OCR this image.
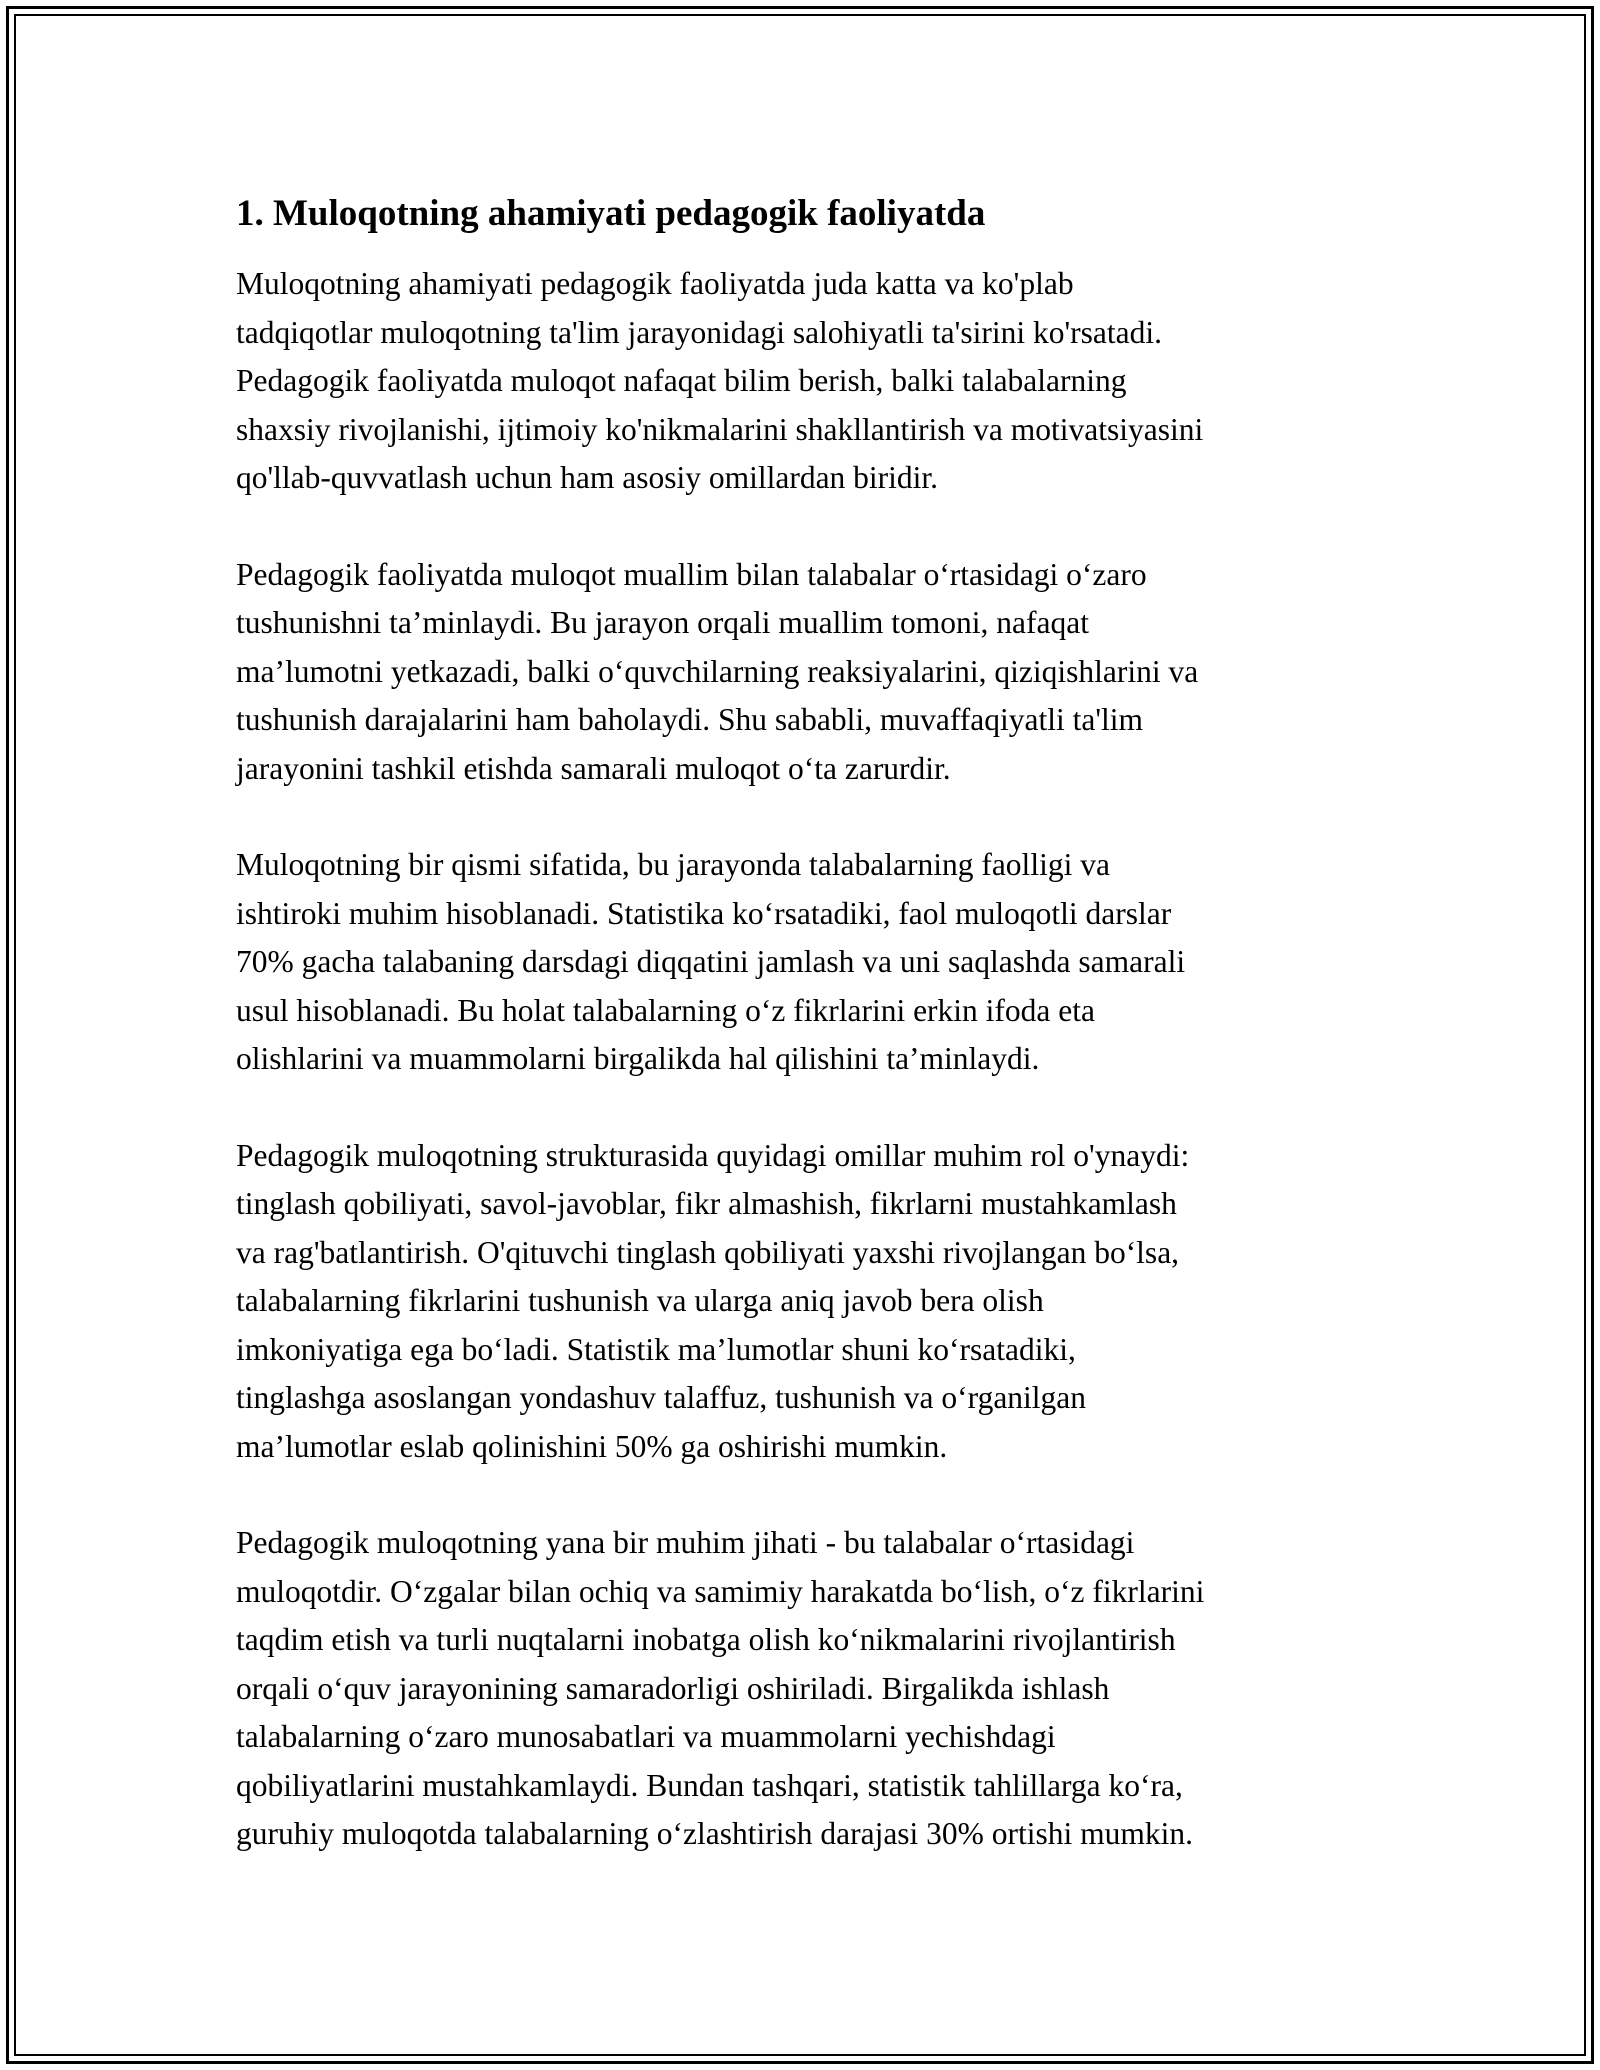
1. Muloqotning ahamiyati pedagogik faoliyatda
Muloqotning ahamiyati pedagogik faoliyatda juda katta va ko'plab
tadqiqotlar muloqotning ta'lim jarayonidagi salohiyatli ta'sirini ko'rsatadi.
Pedagogik faoliyatda muloqot nafaqat bilim berish, balki talabalarning
shaxsiy rivojlanishi, ijtimoiy ko'nikmalarini shakllantirish va motivatsiyasini
qo'llab-quvvatlash uchun ham asosiy omillardan biridir.
Pedagogik faoliyatda muloqot muallim bilan talabalar o‘rtasidagi o‘zaro
tushunishni ta’minlaydi. Bu jarayon orqali muallim tomoni, nafaqat
ma’lumotni yetkazadi, balki o‘quvchilarning reaksiyalarini, qiziqishlarini va
tushunish darajalarini ham baholaydi. Shu sababli, muvaffaqiyatli ta'lim
jarayonini tashkil etishda samarali muloqot o‘ta zarurdir.
Muloqotning bir qismi sifatida, bu jarayonda talabalarning faolligi va
ishtiroki muhim hisoblanadi. Statistika ko‘rsatadiki, faol muloqotli darslar
70% gacha talabaning darsdagi diqqatini jamlash va uni saqlashda samarali
usul hisoblanadi. Bu holat talabalarning o‘z fikrlarini erkin ifoda eta
olishlarini va muammolarni birgalikda hal qilishini ta’minlaydi.
Pedagogik muloqotning strukturasida quyidagi omillar muhim rol o'ynaydi:
tinglash qobiliyati, savol-javoblar, fikr almashish, fikrlarni mustahkamlash
va rag'batlantirish. O'qituvchi tinglash qobiliyati yaxshi rivojlangan bo‘lsa,
talabalarning fikrlarini tushunish va ularga aniq javob bera olish
imkoniyatiga ega bo‘ladi. Statistik ma’lumotlar shuni ko‘rsatadiki,
tinglashga asoslangan yondashuv talaffuz, tushunish va o‘rganilgan
ma’lumotlar eslab qolinishini 50% ga oshirishi mumkin.
Pedagogik muloqotning yana bir muhim jihati - bu talabalar o‘rtasidagi
muloqotdir. O‘zgalar bilan ochiq va samimiy harakatda bo‘lish, o‘z fikrlarini
taqdim etish va turli nuqtalarni inobatga olish ko‘nikmalarini rivojlantirish
orqali o‘quv jarayonining samaradorligi oshiriladi. Birgalikda ishlash
talabalarning o‘zaro munosabatlari va muammolarni yechishdagi
qobiliyatlarini mustahkamlaydi. Bundan tashqari, statistik tahlillarga ko‘ra,
guruhiy muloqotda talabalarning o‘zlashtirish darajasi 30% ortishi mumkin.
